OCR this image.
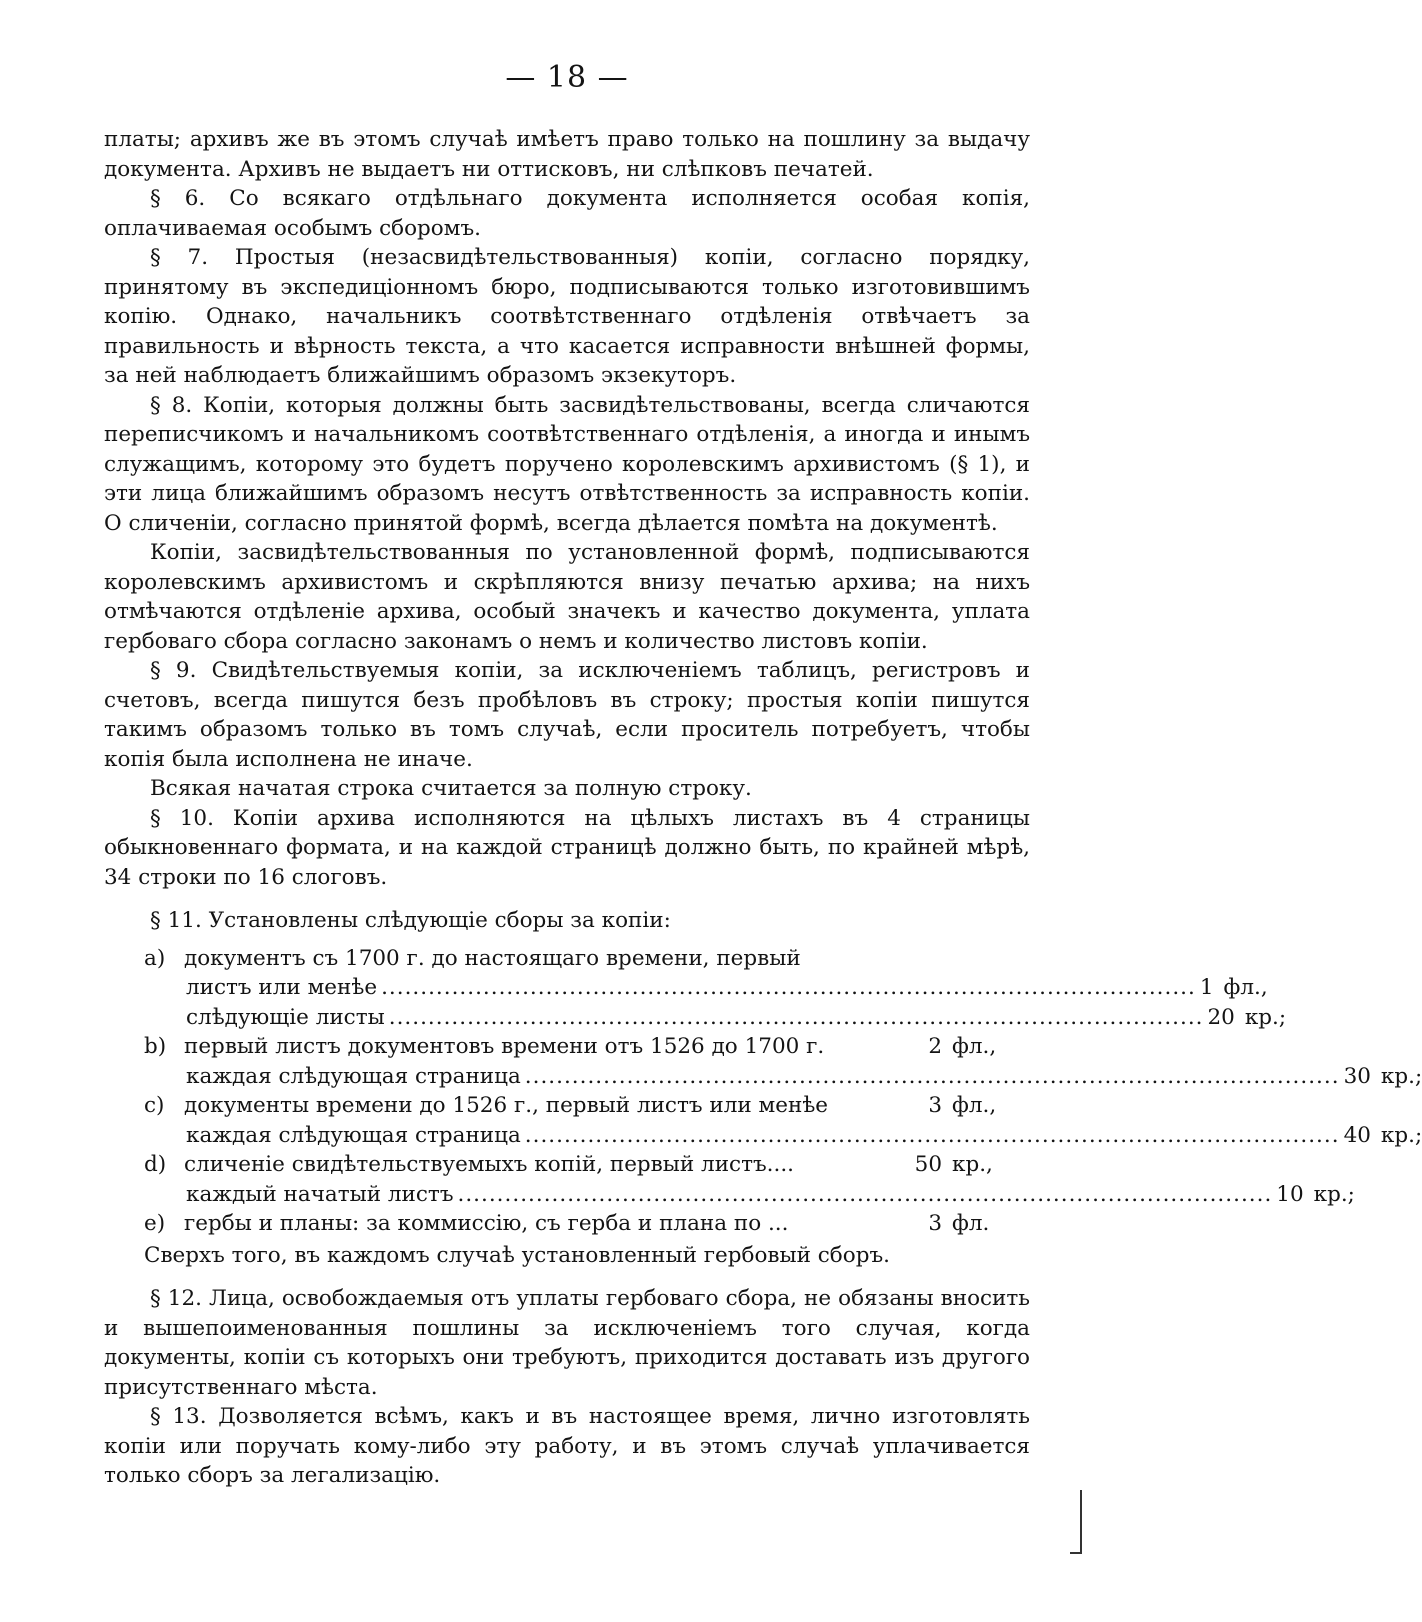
— 18 —

платы; архивъ же въ этомъ случаѣ имѣетъ право только на пошлину за выдачу документа. Архивъ не выдаетъ ни оттисковъ, ни слѣпковъ печатей.

§ 6. Со всякаго отдѣльнаго документа исполняется особая копія, оплачиваемая особымъ сборомъ.

§ 7. Простыя (незасвидѣтельствованныя) копіи, согласно порядку, принятому въ экспедиціонномъ бюро, подписываются только изготовившимъ копію. Однако, начальникъ соотвѣтственнаго отдѣленія отвѣчаетъ за правильность и вѣрность текста, а что касается исправности внѣшней формы, за ней наблюдаетъ ближайшимъ образомъ экзекуторъ.

§ 8. Копіи, которыя должны быть засвидѣтельствованы, всегда сличаются переписчикомъ и начальникомъ соотвѣтственнаго отдѣленія, а иногда и инымъ служащимъ, которому это будетъ поручено королевскимъ архивистомъ (§ 1), и эти лица ближайшимъ образомъ несутъ отвѣтственность за исправность копіи. О сличеніи, согласно принятой формѣ, всегда дѣлается помѣта на документѣ.

Копіи, засвидѣтельствованныя по установленной формѣ, подписываются королевскимъ архивистомъ и скрѣпляются внизу печатью архива; на нихъ отмѣчаются отдѣленіе архива, особый значекъ и качество документа, уплата гербоваго сбора согласно законамъ о немъ и количество листовъ копіи.

§ 9. Свидѣтельствуемыя копіи, за исключеніемъ таблицъ, регистровъ и счетовъ, всегда пишутся безъ пробѣловъ въ строку; простыя копіи пишутся такимъ образомъ только въ томъ случаѣ, если проситель потребуетъ, чтобы копія была исполнена не иначе.

Всякая начатая строка считается за полную строку.

§ 10. Копіи архива исполняются на цѣлыхъ листахъ въ 4 страницы обыкновеннаго формата, и на каждой страницѣ должно быть, по крайней мѣрѣ, 34 строки по 16 слоговъ.

§ 11. Установлены слѣдующіе сборы за копіи:

a) документъ съ 1700 г. до настоящаго времени, первый
листъ или менѣе ........................................................................................................ 1 фл.,
слѣдующіе листы ........................................................................................................ 20 кр.;
b) первый листъ документовъ времени отъ 1526 до 1700 г.	2 фл.,
каждая слѣдующая страница ........................................................................................................ 30 кр.;
c) документы времени до 1526 г., первый листъ или менѣе	3 фл.,
каждая слѣдующая страница ........................................................................................................ 40 кр.;
d) сличеніе свидѣтельствуемыхъ копій, первый листъ....	50 кр.,
каждый начатый листъ ........................................................................................................ 10 кр.;
e) гербы и планы: за коммиссію, съ герба и плана по ...	3 фл.

Сверхъ того, въ каждомъ случаѣ установленный гербовый сборъ.

§ 12. Лица, освобождаемыя отъ уплаты гербоваго сбора, не обязаны вносить и вышепоименованныя пошлины за исключеніемъ того случая, когда документы, копіи съ которыхъ они требуютъ, приходится доставать изъ другого присутственнаго мѣста.

§ 13. Дозволяется всѣмъ, какъ и въ настоящее время, лично изготовлять копіи или поручать кому-либо эту работу, и въ этомъ случаѣ уплачивается только сборъ за легализацію.
